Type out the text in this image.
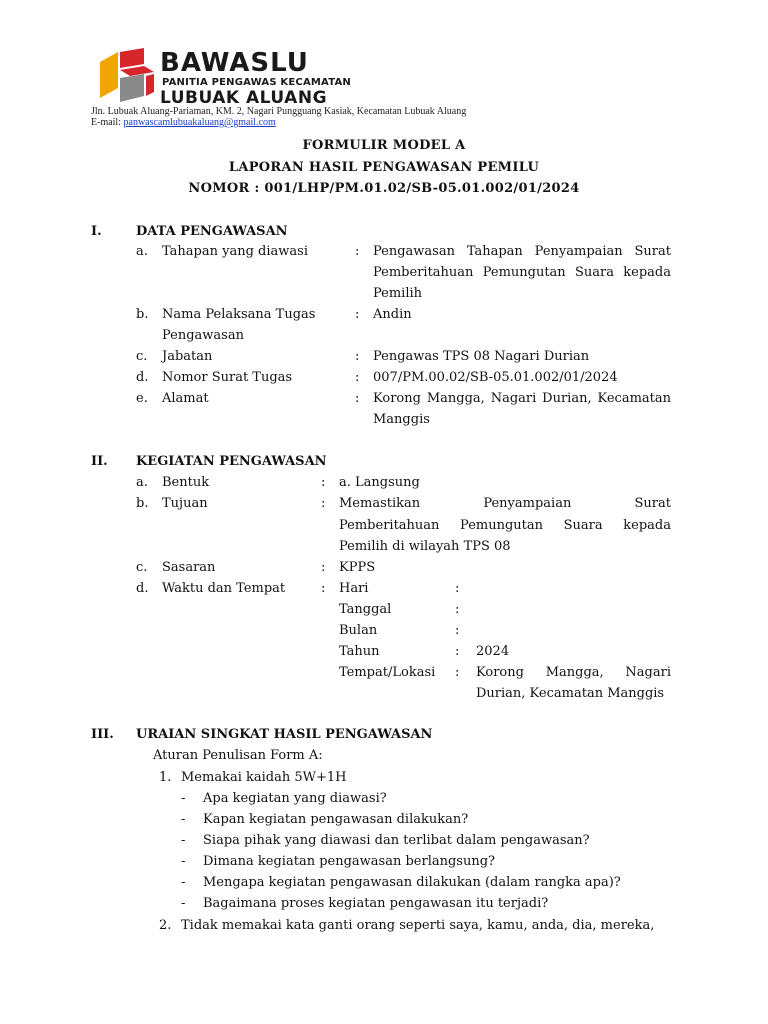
BAWASLU
PANITIA PENGAWAS KECAMATAN
LUBUAK ALUANG
Jln. Lubuak Aluang-Pariaman, KM. 2, Nagari Pungguang Kasiak, Kecamatan Lubuak Aluang
E-mail: panwascamlubuakaluang@gmail.com
FORMULIR MODEL A
LAPORAN HASIL PENGAWASAN PEMILU
NOMOR : 001/LHP/PM.01.02/SB-05.01.002/01/2024
I.	DATA PENGAWASAN
a. Tahapan yang diawasi	: Pengawasan Tahapan Penyampaian Surat
Pemberitahuan Pemungutan Suara kepada
Pemilih
b. Nama Pelaksana Tugas
Pengawasan
: Andin
c. Jabatan	: Pengawas TPS 08 Nagari Durian
d. Nomor Surat Tugas	: 007/PM.00.02/SB-05.01.002/01/2024
e. Alamat	: Korong Mangga, Nagari Durian, Kecamatan
Manggis
II. KEGIATAN PENGAWASAN
a. Bentuk	: a. Langsung
b. Tujuan	: Memastikan Penyampaian Surat
Pemberitahuan Pemungutan Suara kepada
Pemilih di wilayah TPS 08
c. Sasaran	: KPPS
d. Waktu dan Tempat	: Hari	:
Tanggal	:
Bulan	:
Tahun	: 2024
Tempat/Lokasi : Korong Mangga, Nagari
Durian, Kecamatan Manggis
III. URAIAN SINGKAT HASIL PENGAWASAN
Aturan Penulisan Form A:
1. Memakai kaidah 5W+1H
- Apa kegiatan yang diawasi?
- Kapan kegiatan pengawasan dilakukan?
- Siapa pihak yang diawasi dan terlibat dalam pengawasan?
- Dimana kegiatan pengawasan berlangsung?
- Mengapa kegiatan pengawasan dilakukan (dalam rangka apa)?
- Bagaimana proses kegiatan pengawasan itu terjadi?
2. Tidak memakai kata ganti orang seperti saya, kamu, anda, dia, mereka,
